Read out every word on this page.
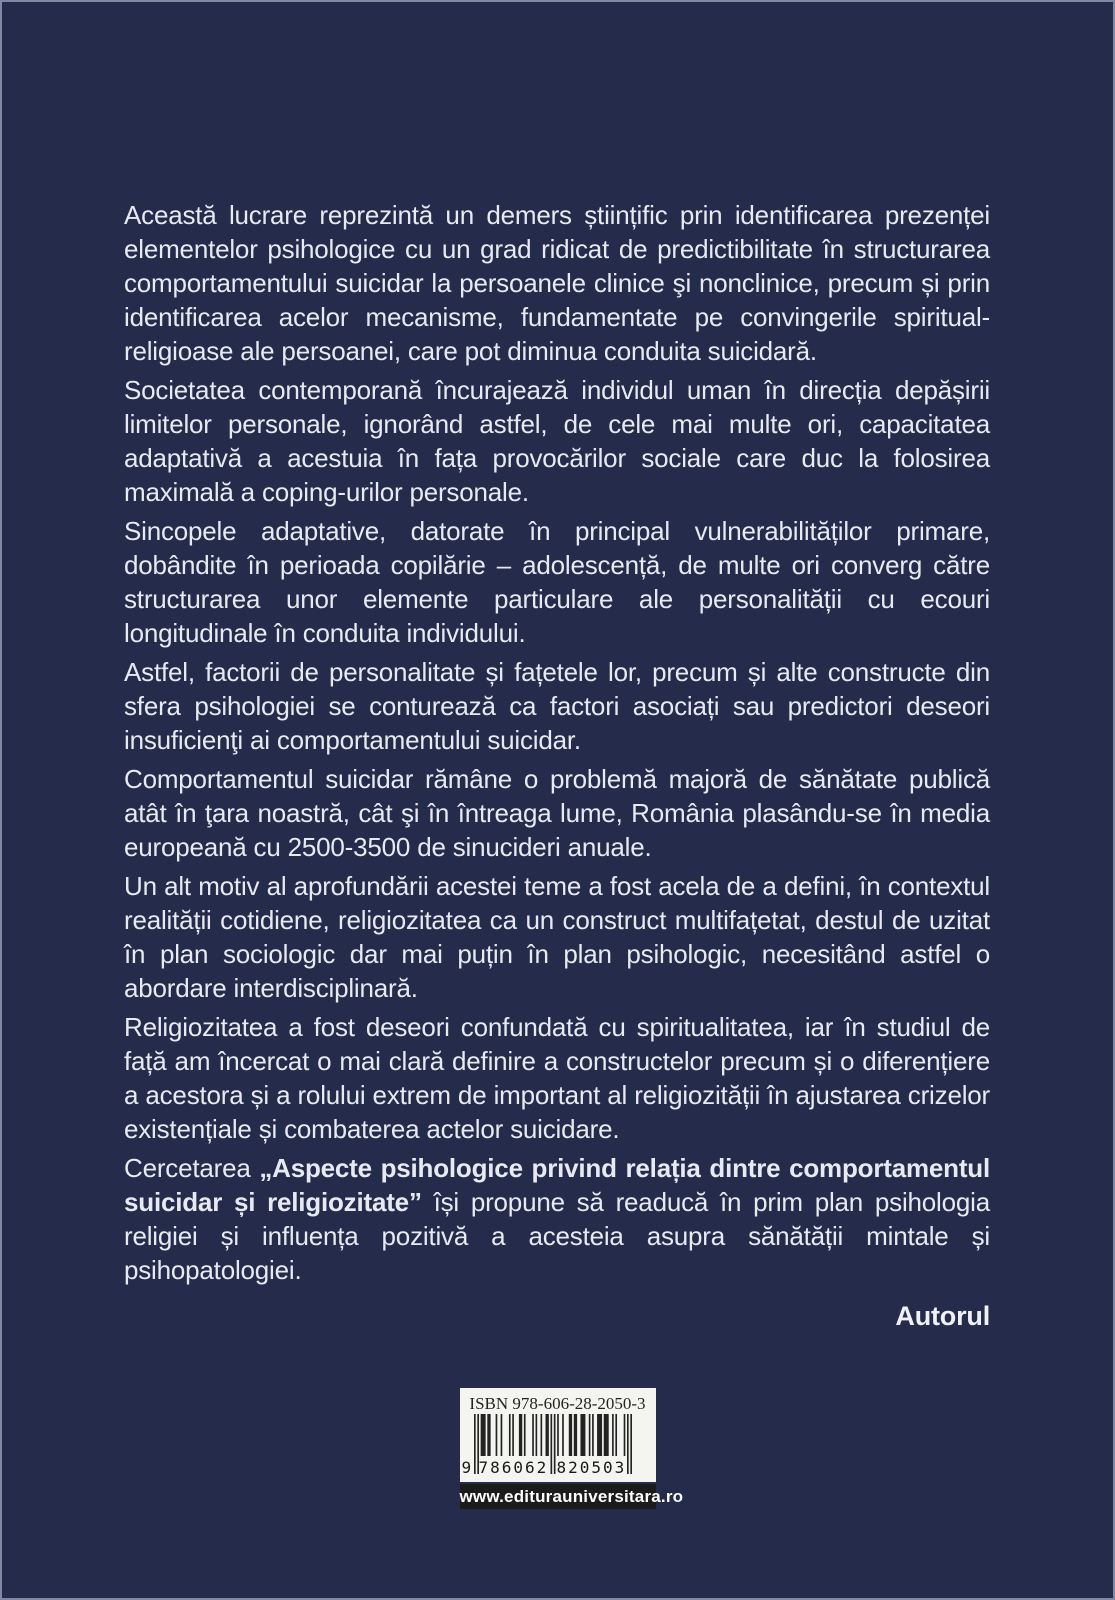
Această lucrare reprezintă un demers științific prin identificarea prezenței elementelor psihologice cu un grad ridicat de predictibilitate în structurarea comportamentului suicidar la persoanele clinice şi nonclinice, precum și prin identificarea acelor mecanisme, fundamentate pe convingerile spiritual-religioase ale persoanei, care pot diminua conduita suicidară.

Societatea contemporană încurajează individul uman în direcția depășirii limitelor personale, ignorând astfel, de cele mai multe ori, capacitatea adaptativă a acestuia în fața provocărilor sociale care duc la folosirea maximală a coping-urilor personale.

Sincopele adaptative, datorate în principal vulnerabilităților primare, dobândite în perioada copilărie – adolescență, de multe ori converg către structurarea unor elemente particulare ale personalității cu ecouri longitudinale în conduita individului.

Astfel, factorii de personalitate și fațetele lor, precum și alte constructe din sfera psihologiei se conturează ca factori asociați sau predictori deseori insuficienţi ai comportamentului suicidar.

Comportamentul suicidar rămâne o problemă majoră de sănătate publică atât în ţara noastră, cât şi în întreaga lume, România plasându-se în media europeană cu 2500-3500 de sinucideri anuale.

Un alt motiv al aprofundării acestei teme a fost acela de a defini, în contextul realității cotidiene, religiozitatea ca un construct multifațetat, destul de uzitat în plan sociologic dar mai puțin în plan psihologic, necesitând astfel o abordare interdisciplinară.

Religiozitatea a fost deseori confundată cu spiritualitatea, iar în studiul de față am încercat o mai clară definire a constructelor precum și o diferențiere a acestora și a rolului extrem de important al religiozității în ajustarea crizelor existențiale și combaterea actelor suicidare.

Cercetarea „Aspecte psihologice privind relația dintre comportamentul suicidar și religiozitate” își propune să readucă în prim plan psihologia religiei și influența pozitivă a acesteia asupra sănătății mintale și psihopatologiei.

Autorul
ISBN 978-606-28-2050-3
9 786062 820503
www.editurauniversitara.ro
